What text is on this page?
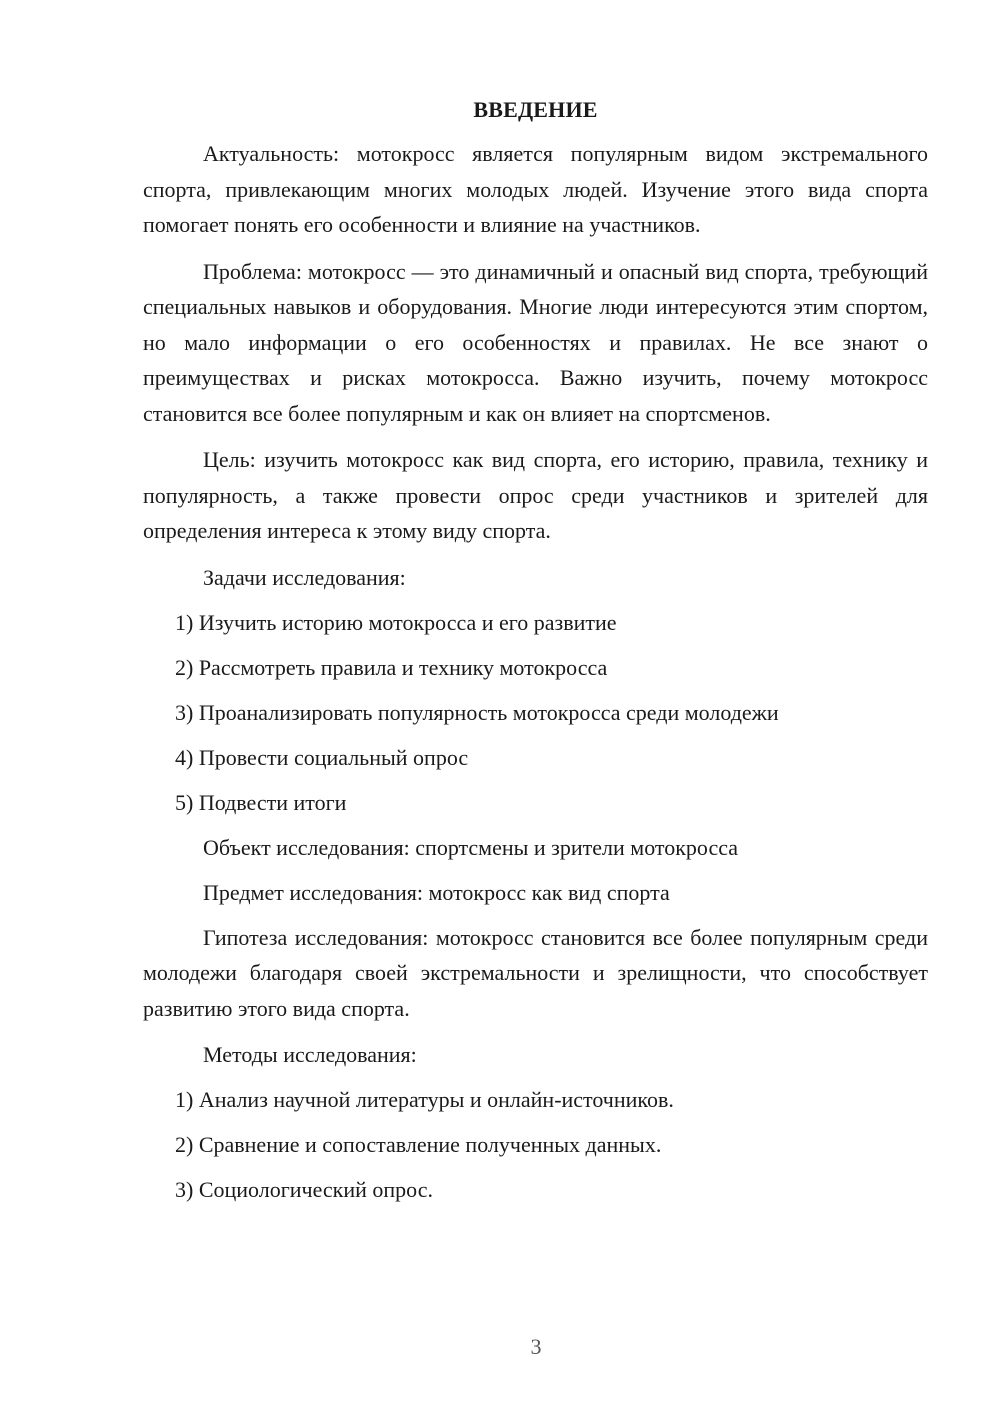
ВВЕДЕНИЕ

Актуальность: мотокросс является популярным видом экстремального спорта, привлекающим многих молодых людей. Изучение этого вида спорта помогает понять его особенности и влияние на участников.

Проблема: мотокросс — это динамичный и опасный вид спорта, требующий специальных навыков и оборудования. Многие люди интересуются этим спортом, но мало информации о его особенностях и правилах. Не все знают о преимуществах и рисках мотокросса. Важно изучить, почему мотокросс становится все более популярным и как он влияет на спортсменов.

Цель: изучить мотокросс как вид спорта, его историю, правила, технику и популярность, а также провести опрос среди участников и зрителей для определения интереса к этому виду спорта.

Задачи исследования:
1) Изучить историю мотокросса и его развитие
2) Рассмотреть правила и технику мотокросса
3) Проанализировать популярность мотокросса среди молодежи
4) Провести социальный опрос
5) Подвести итоги
Объект исследования: спортсмены и зрители мотокросса
Предмет исследования: мотокросс как вид спорта

Гипотеза исследования: мотокросс становится все более популярным среди молодежи благодаря своей экстремальности и зрелищности, что способствует развитию этого вида спорта.

Методы исследования:
1) Анализ научной литературы и онлайн-источников.
2) Сравнение и сопоставление полученных данных.
3) Социологический опрос.
3
